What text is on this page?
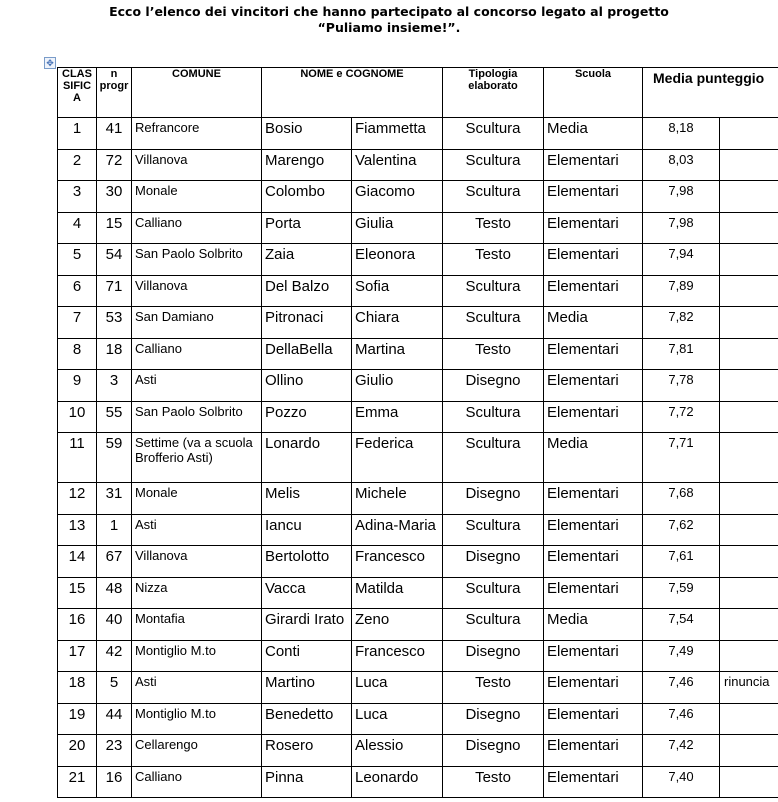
Ecco l’elenco dei vincitori che hanno partecipato al concorso legato al progetto
“Puliamo insieme!”.
✥
CLAS SIFIC A	n progr	COMUNE	NOME e COGNOME		Tipologia elaborato	Scuola	Media punteggio	
1	41	Refrancore	Bosio	Fiammetta	Scultura	Media	8,18	
2	72	Villanova	Marengo	Valentina	Scultura	Elementari	8,03	
3	30	Monale	Colombo	Giacomo	Scultura	Elementari	7,98	
4	15	Calliano	Porta	Giulia	Testo	Elementari	7,98	
5	54	San Paolo Solbrito	Zaia	Eleonora	Testo	Elementari	7,94	
6	71	Villanova	Del Balzo	Sofia	Scultura	Elementari	7,89	
7	53	San Damiano	Pitronaci	Chiara	Scultura	Media	7,82	
8	18	Calliano	DellaBella	Martina	Testo	Elementari	7,81	
9	3	Asti	Ollino	Giulio	Disegno	Elementari	7,78	
10	55	San Paolo Solbrito	Pozzo	Emma	Scultura	Elementari	7,72	
11	59	Settime (va a scuola Brofferio Asti)	Lonardo	Federica	Scultura	Media	7,71	
12	31	Monale	Melis	Michele	Disegno	Elementari	7,68	
13	1	Asti	Iancu	Adina-Maria	Scultura	Elementari	7,62	
14	67	Villanova	Bertolotto	Francesco	Disegno	Elementari	7,61	
15	48	Nizza	Vacca	Matilda	Scultura	Elementari	7,59	
16	40	Montafia	Girardi Irato	Zeno	Scultura	Media	7,54	
17	42	Montiglio M.to	Conti	Francesco	Disegno	Elementari	7,49	
18	5	Asti	Martino	Luca	Testo	Elementari	7,46	rinuncia
19	44	Montiglio M.to	Benedetto	Luca	Disegno	Elementari	7,46	
20	23	Cellarengo	Rosero	Alessio	Disegno	Elementari	7,42	
21	16	Calliano	Pinna	Leonardo	Testo	Elementari	7,40	
